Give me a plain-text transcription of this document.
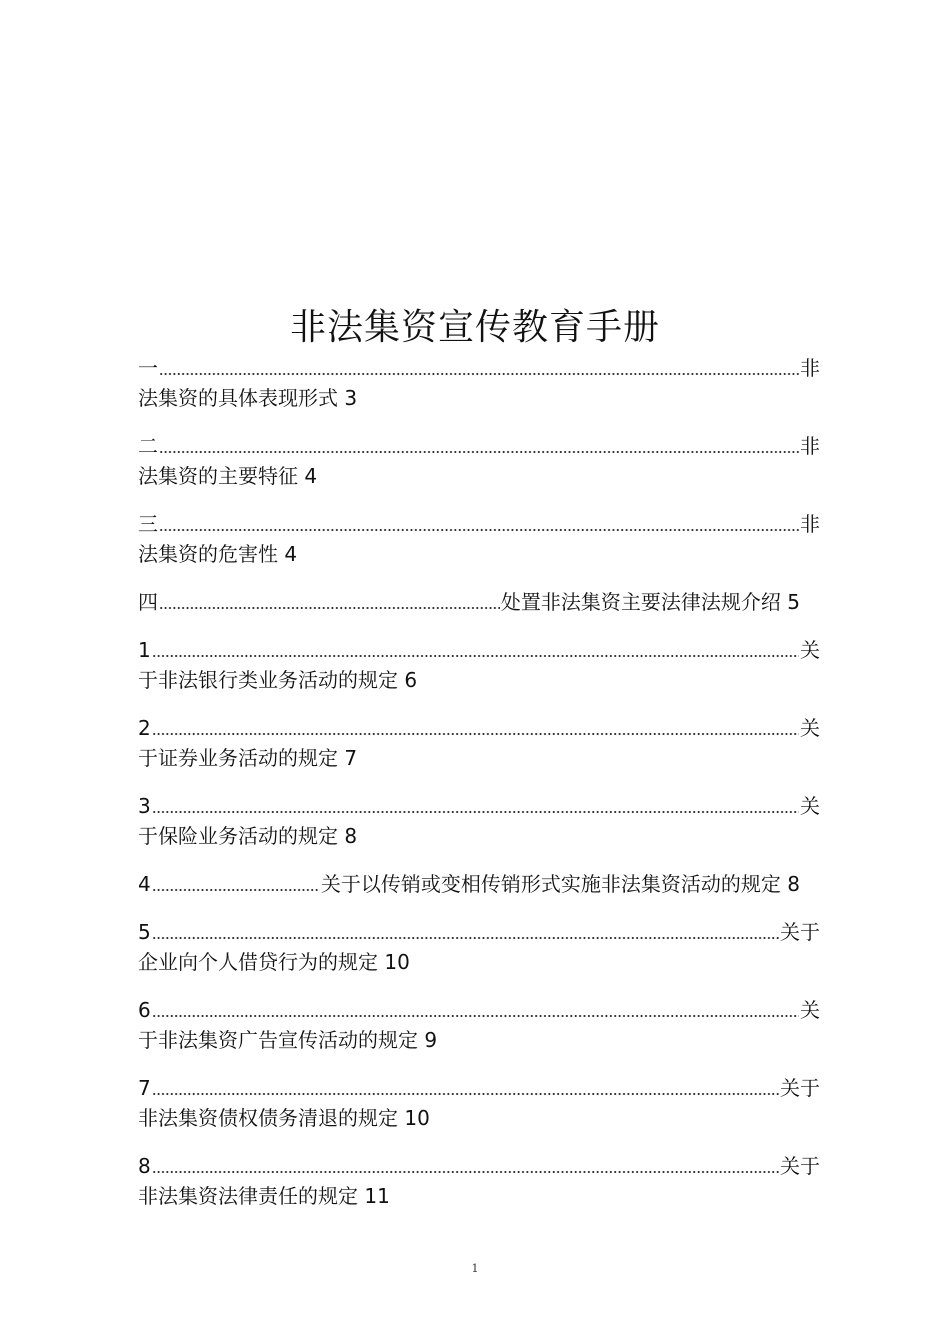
非法集资宣传教育手册
一	非
法集资的具体表现形式 3
二	非
法集资的主要特征 4
三	非
法集资的危害性 4
四	处置非法集资主要法律法规介绍 5
1	关
于非法银行类业务活动的规定 6
2	关
于证券业务活动的规定 7
3	关
于保险业务活动的规定 8
4	关于以传销或变相传销形式实施非法集资活动的规定 8
5	关于
企业向个人借贷行为的规定 10
6	关
于非法集资广告宣传活动的规定 9
7	关于
非法集资债权债务清退的规定 10
8	关于
非法集资法律责任的规定 11
1
